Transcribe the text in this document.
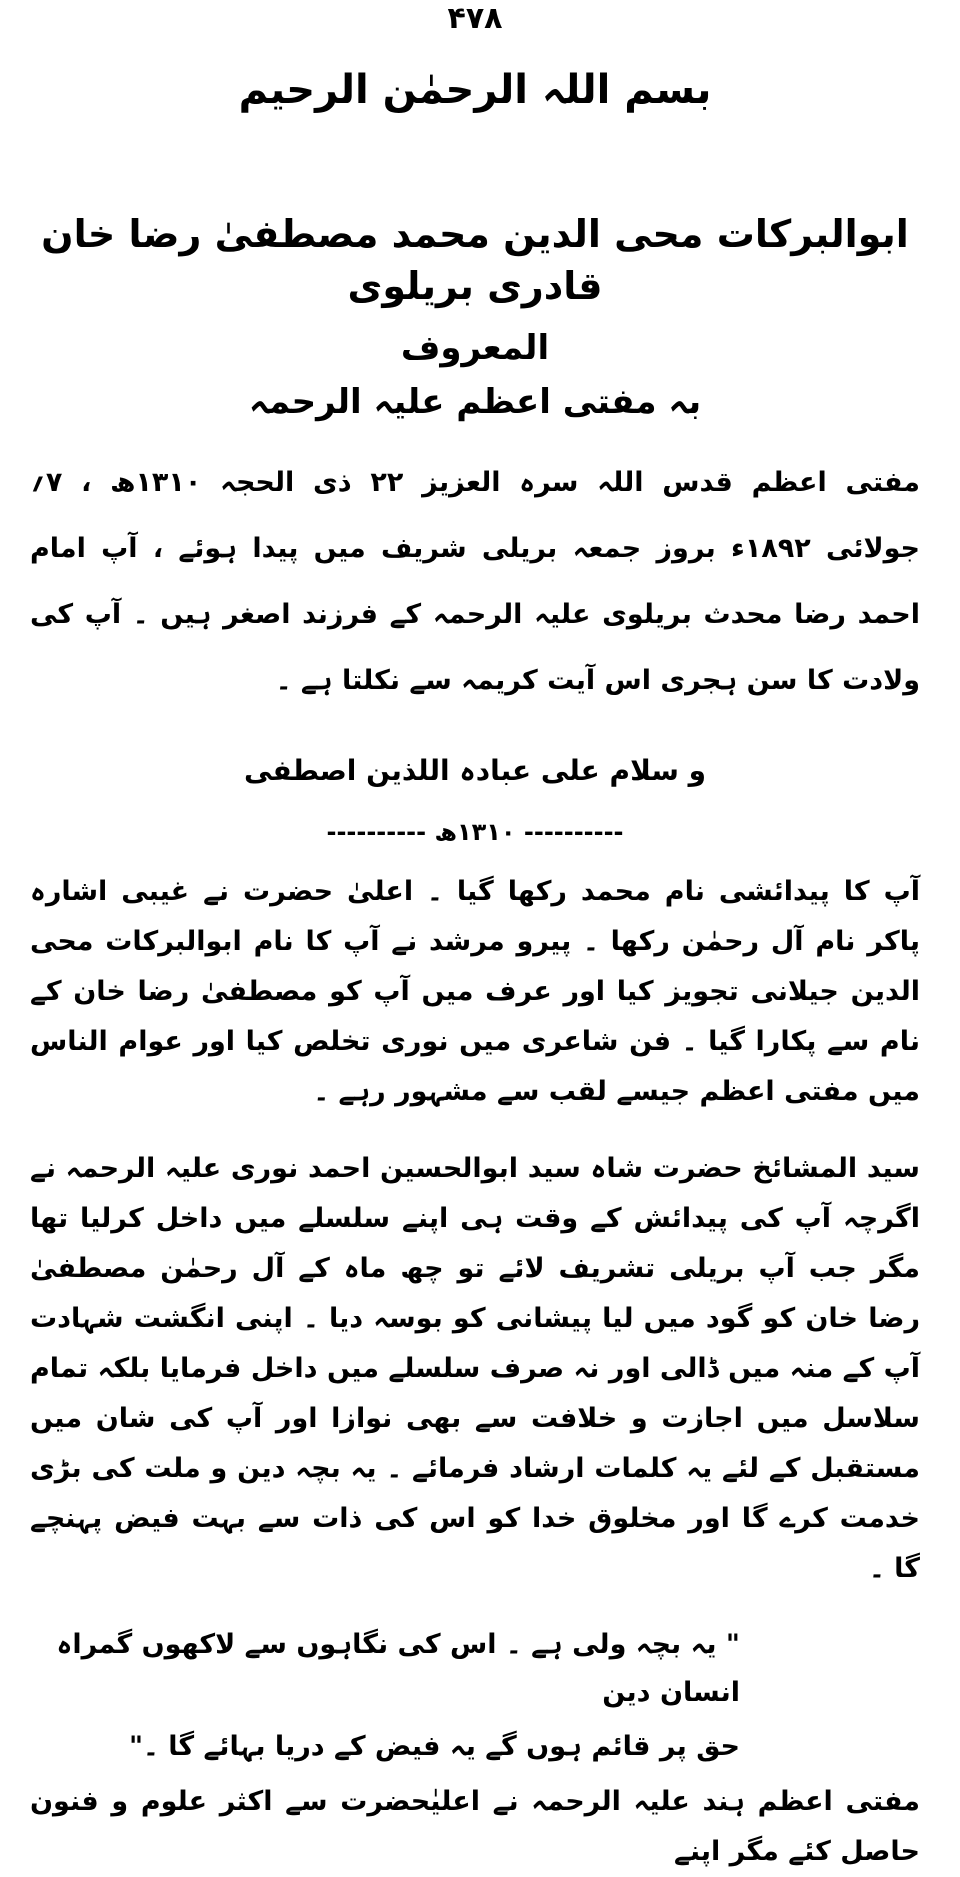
۴۷۸
بسم اللہ الرحمٰن الرحیم
ابوالبرکات محی الدین محمد مصطفیٰ رضا خان قادری بریلوی
المعروف
بہ مفتی اعظم علیہ الرحمہ

مفتی اعظم قدس اللہ سرہ العزیز ۲۲ ذی الحجہ ۱۳۱۰ھ ، ۷؍ جولائی ۱۸۹۲ء بروز جمعہ بریلی شریف میں پیدا ہوئے ، آپ امام احمد رضا محدث بریلوی علیہ الرحمہ کے فرزند اصغر ہیں ۔ آپ کی ولادت کا سن ہجری اس آیت کریمہ سے نکلتا ہے ۔

و سلام علی عبادہ اللذین اصطفی
---------- ۱۳۱۰ھ ----------

آپ کا پیدائشی نام محمد رکھا گیا ۔ اعلیٰ حضرت نے غیبی اشارہ پاکر نام آل رحمٰن رکھا ۔ پیرو مرشد نے آپ کا نام ابوالبرکات محی الدین جیلانی تجویز کیا اور عرف میں آپ کو مصطفیٰ رضا خان کے نام سے پکارا گیا ۔ فن شاعری میں نوری تخلص کیا اور عوام الناس میں مفتی اعظم جیسے لقب سے مشہور رہے ۔

سید المشائخ حضرت شاہ سید ابوالحسین احمد نوری علیہ الرحمہ نے اگرچہ آپ کی پیدائش کے وقت ہی اپنے سلسلے میں داخل کرلیا تھا مگر جب آپ بریلی تشریف لائے تو چھ ماہ کے آل رحمٰن مصطفیٰ رضا خان کو گود میں لیا پیشانی کو بوسہ دیا ۔ اپنی انگشت شہادت آپ کے منہ میں ڈالی اور نہ صرف سلسلے میں داخل فرمایا بلکہ تمام سلاسل میں اجازت و خلافت سے بھی نوازا اور آپ کی شان میں مستقبل کے لئے یہ کلمات ارشاد فرمائے ۔ یہ بچہ دین و ملت کی بڑی خدمت کرے گا اور مخلوق خدا کو اس کی ذات سے بہت فیض پہنچے گا ۔

" یہ بچہ ولی ہے ۔ اس کی نگاہوں سے لاکھوں گمراہ انسان دین
حق پر قائم ہوں گے یہ فیض کے دریا بہائے گا ۔"

مفتی اعظم ہند علیہ الرحمہ نے اعلیٰحضرت سے اکثر علوم و فنون حاصل کئے مگر اپنے
